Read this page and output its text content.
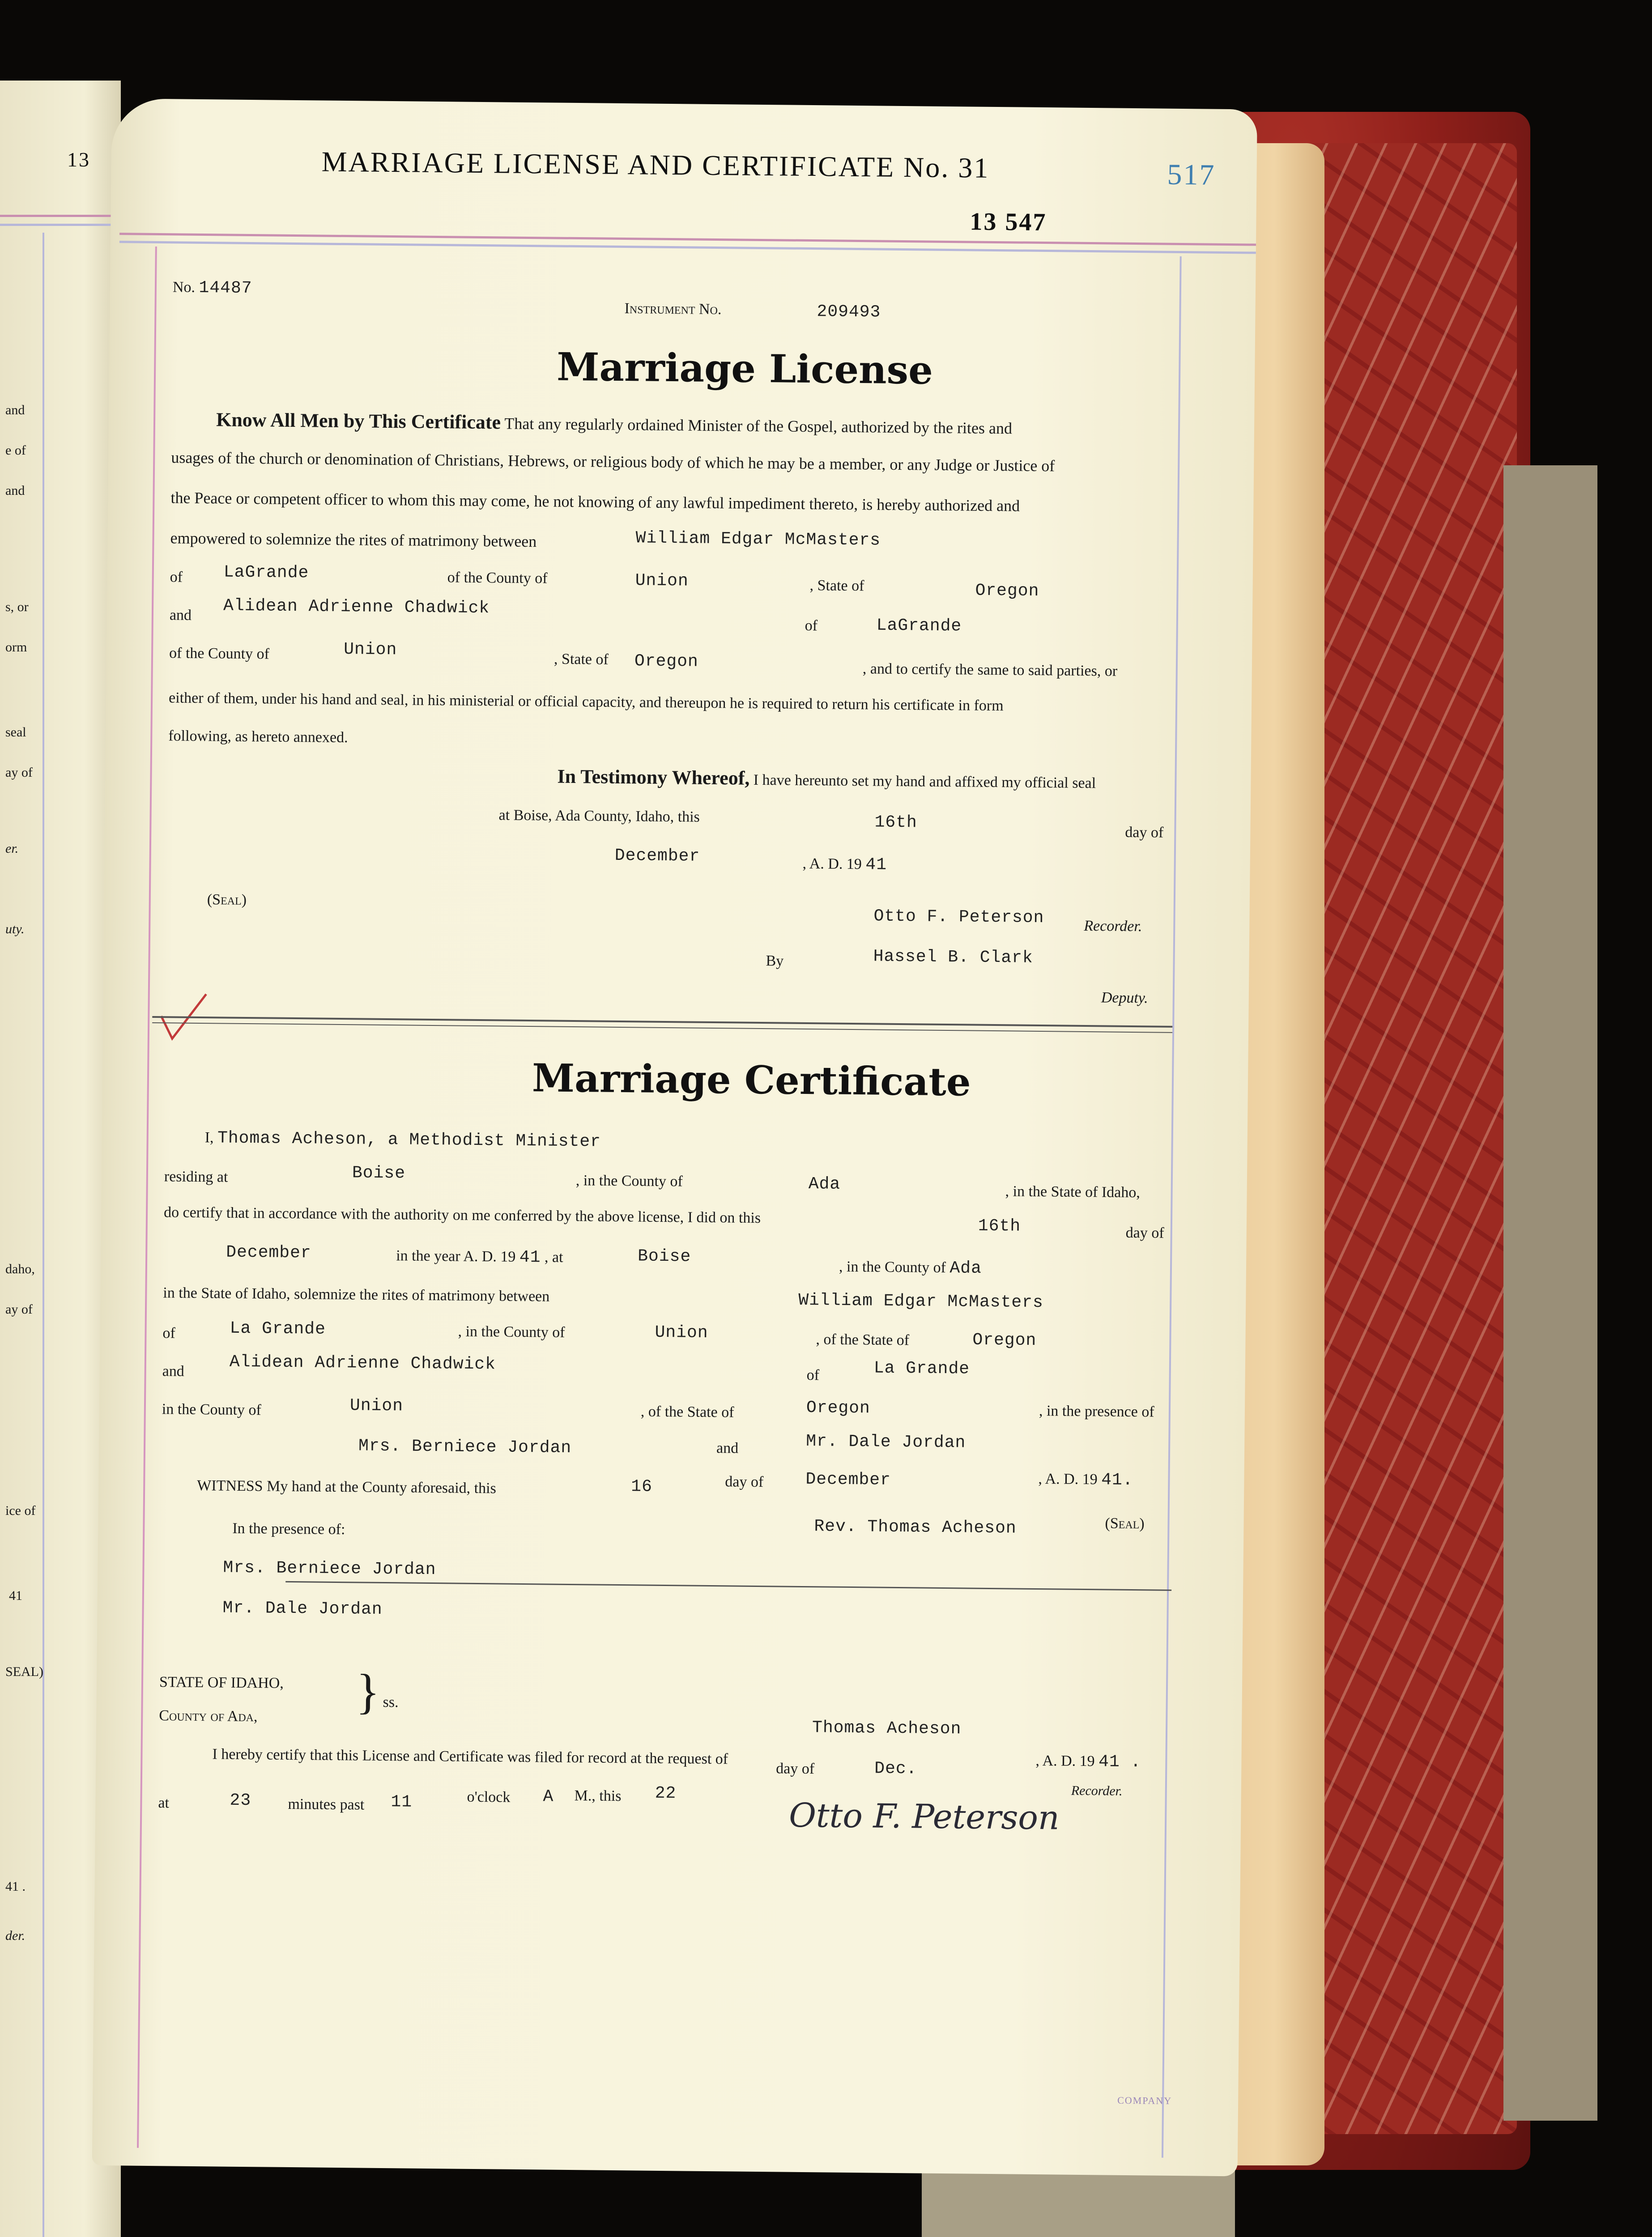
13
and
e of
and
s, or
orm
seal
ay of
er.
uty.
daho,
ay of
ice of
41
SEAL)
41 .
der.
MARRIAGE LICENSE AND CERTIFICATE No. 31	517
13 547
No. 14487
Instrument No.	209493
Marriage License
Know All Men by This Certificate That any regularly ordained Minister of the Gospel, authorized by the rites and
usages of the church or denomination of Christians, Hebrews, or religious body of which he may be a member, or any Judge or Justice of
the Peace or competent officer to whom this may come, he not knowing of any lawful impediment thereto, is hereby authorized and
empowered to solemnize the rites of matrimony between	William Edgar McMasters
of LaGrande	of the County of	Union	, State of	Oregon
and Alidean Adrienne Chadwick
of	LaGrande
of the County of	Union	, State of Oregon	, and to certify the same to said parties, or
either of them, under his hand and seal, in his ministerial or official capacity, and thereupon he is required to return his certificate in form
following, as hereto annexed.
In Testimony Whereof, I have hereunto set my hand and affixed my official seal
at Boise, Ada County, Idaho, this	16th
day of
December	, A. D. 19 41
(Seal)
Otto F. Peterson	Recorder.
By	Hassel B. Clark
Deputy.
Marriage Certificate
I, Thomas Acheson, a Methodist Minister
residing at	Boise	, in the County of	Ada	, in the State of Idaho,
do certify that in accordance with the authority on me conferred by the above license, I did on this	16th	day of
December	in the year A. D. 19 41 , at	Boise
, in the County of Ada
in the State of Idaho, solemnize the rites of matrimony between	William Edgar McMasters
of	La Grande	, in the County of	Union	, of the State of	Oregon
and	Alidean Adrienne Chadwick
of	La Grande
in the County of	Union	, of the State of	Oregon	, in the presence of
Mrs. Berniece Jordan	and	Mr. Dale Jordan
WITNESS My hand at the County aforesaid, this	16	day of December	, A. D. 19 41.
In the presence of:	Rev. Thomas Acheson	(Seal)
Mrs. Berniece Jordan
Mr. Dale Jordan
STATE OF IDAHO,
County of Ada, } ss.
I hereby certify that this License and Certificate was filed for record at the request of
Thomas Acheson
day of	Dec.	, A. D. 19 41 .
at	23 minutes past 11	o'clock A M., this 22
Otto F. Peterson
Recorder.
COMPANY
